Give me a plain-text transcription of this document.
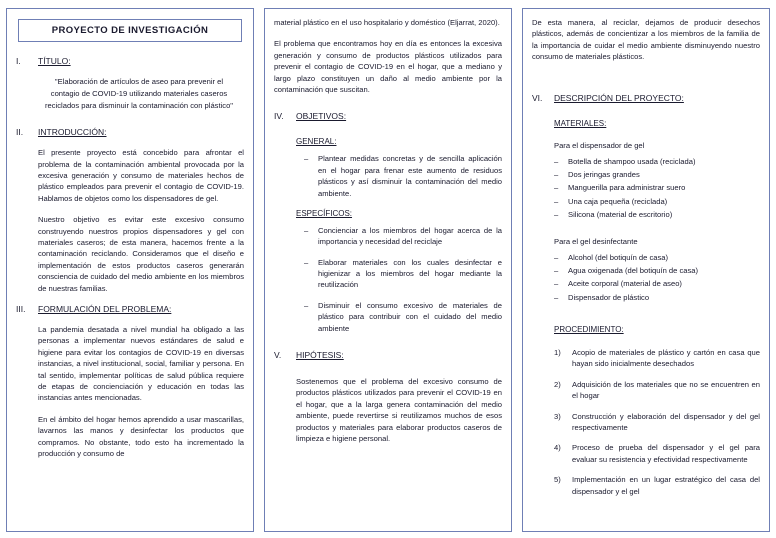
PROYECTO DE INVESTIGACIÓN
I.	TÍTULO:
"Elaboración de artículos de aseo para prevenir el contagio de COVID-19 utilizando materiales caseros reciclados para disminuir la contaminación con plástico"
II.	INTRODUCCIÓN:

El presente proyecto está concebido para afrontar el problema de la contaminación ambiental provocada por la excesiva generación y consumo de materiales hechos de plástico empleados para prevenir el contagio de COVID-19. Hablamos de objetos como los dispensadores de gel.

Nuestro objetivo es evitar este excesivo consumo construyendo nuestros propios dispensadores y gel con materiales caseros; de esta manera, hacemos frente a la contaminación reciclando. Consideramos que el diseño e implementación de estos productos caseros generarán consciencia de cuidado del medio ambiente en los miembros de nuestras familias.

III.	FORMULACIÓN DEL PROBLEMA:

La pandemia desatada a nivel mundial ha obligado a las personas a implementar nuevos estándares de salud e higiene para evitar los contagios de COVID-19 en diversas instancias, a nivel institucional, social, familiar y persona. En tal sentido, implementar políticas de salud pública requiere de etapas de concienciación y educación en todas las instancias antes mencionadas.

En el ámbito del hogar hemos aprendido a usar mascarillas, lavarnos las manos y desinfectar los productos que compramos. No obstante, todo esto ha incrementado la producción y consumo de

material plástico en el uso hospitalario y doméstico (Eljarrat, 2020).

El problema que encontramos hoy en día es entonces la excesiva generación y consumo de productos plásticos utilizados para prevenir el contagio de COVID-19 en el hogar, que a mediano y largo plazo constituyen un daño al medio ambiente por la contaminación que suscitan.

IV.	OBJETIVOS:
GENERAL:
– Plantear medidas concretas y de sencilla aplicación en el hogar para frenar este aumento de residuos plásticos y así disminuir la contaminación del medio ambiente.
ESPECÍFICOS:
– Concienciar a los miembros del hogar acerca de la importancia y necesidad del reciclaje
– Elaborar materiales con los cuales desinfectar e higienizar a los miembros del hogar mediante la reutilización
– Disminuir el consumo excesivo de materiales de plástico para contribuir con el cuidado del medio ambiente
V.	HIPÓTESIS:

Sostenemos que el problema del excesivo consumo de productos plásticos utilizados para prevenir el COVID-19 en el hogar, que a la larga genera contaminación del medio ambiente, puede revertirse si reutilizamos muchos de esos productos y materiales para elaborar productos caseros de limpieza e higiene personal.

De esta manera, al reciclar, dejamos de producir desechos plásticos, además de concientizar a los miembros de la familia de la importancia de cuidar el medio ambiente disminuyendo nuestro consumo de materiales plásticos.

VI.	DESCRIPCIÓN DEL PROYECTO:
MATERIALES:
Para el dispensador de gel
– Botella de shampoo usada (reciclada)
– Dos jeringas grandes
– Manguerilla para administrar suero
– Una caja pequeña (reciclada)
– Silicona (material de escritorio)
Para el gel desinfectante
– Alcohol (del botiquín de casa)
– Agua oxigenada (del botiquín de casa)
– Aceite corporal (material de aseo)
– Dispensador de plástico
PROCEDIMIENTO:
Acopio de materiales de plástico y cartón en casa que hayan sido inicialmente desechados
Adquisición de los materiales que no se encuentren en el hogar
Construcción y elaboración del dispensador y del gel respectivamente
Proceso de prueba del dispensador y el gel para evaluar su resistencia y efectividad respectivamente
Implementación en un lugar estratégico del casa del dispensador y el gel
